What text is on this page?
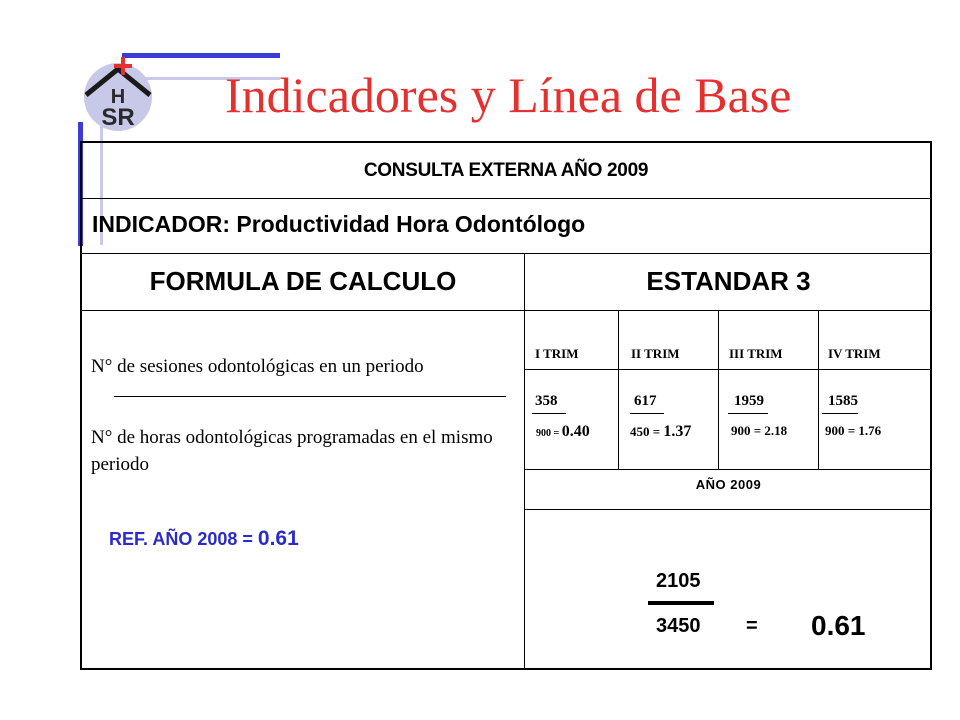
H
SR Indicadores y Línea de Base
CONSULTA EXTERNA AÑO 2009
INDICADOR: Productividad Hora Odontólogo
FORMULA DE CALCULO	ESTANDAR 3
N° de sesiones odontológicas en un periodo
N° de horas odontológicas programadas en el mismo periodo
REF. AÑO 2008 = 0.61
I TRIM	II TRIM	III TRIM	IV TRIM
358	617	1959	1585
900 = 0.40	450 = 1.37	900 = 2.18	900 = 1.76
AÑO 2009
2105
3450 = 0.61
